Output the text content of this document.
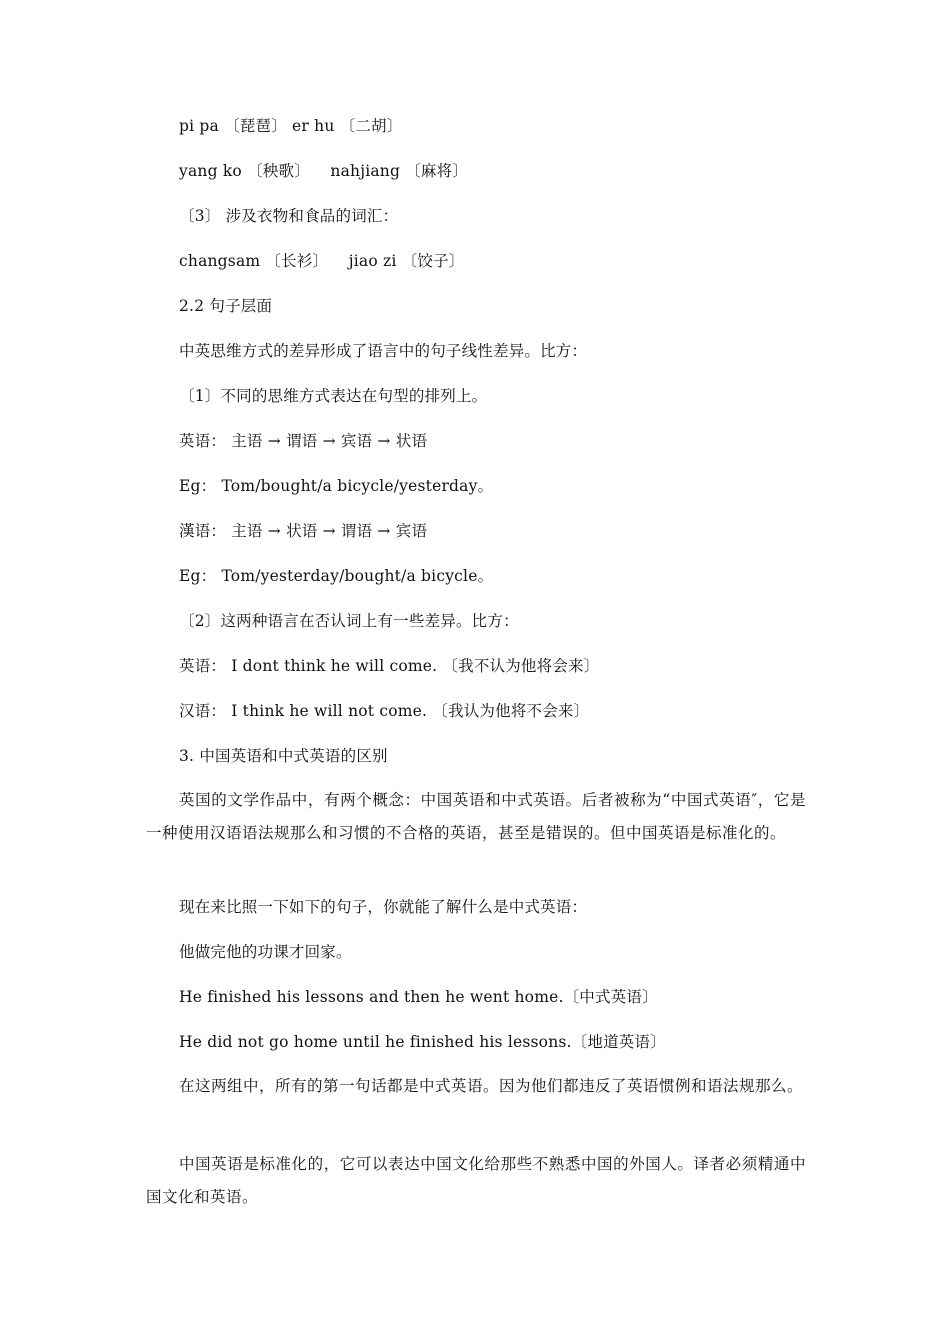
pi pa 〔琵琶〕 er hu 〔二胡〕
yang ko 〔秧歌〕    nahjiang 〔麻将〕
〔3〕 涉及衣物和食品的词汇：
changsam 〔长衫〕    jiao zi 〔饺子〕
2.2 句子层面
中英思维方式的差异形成了语言中的句子线性差异。比方：
〔1〕不同的思维方式表达在句型的排列上。
英语： 主语 → 谓语 → 宾语 → 状语
Eg： Tom/bought/a bicycle/yesterday。
漢语： 主语 → 状语 → 谓语 → 宾语
Eg： Tom/yesterday/bought/a bicycle。
〔2〕这两种语言在否认词上有一些差异。比方：
英语： I dont think he will come. 〔我不认为他将会来〕
汉语： I think he will not come. 〔我认为他将不会来〕
3. 中国英语和中式英语的区别
英国的文学作品中，有两个概念：中国英语和中式英语。后者被称为“中国式英语″，它是一种使用汉语语法规那么和习惯的不合格的英语，甚至是错误的。但中国英语是标准化的。
现在来比照一下如下的句子，你就能了解什么是中式英语：
他做完他的功课才回家。
He finished his lessons and then he went home.〔中式英语〕
He did not go home until he finished his lessons.〔地道英语〕
在这两组中，所有的第一句话都是中式英语。因为他们都违反了英语惯例和语法规那么。
中国英语是标准化的，它可以表达中国文化给那些不熟悉中国的外国人。译者必须精通中国文化和英语。
